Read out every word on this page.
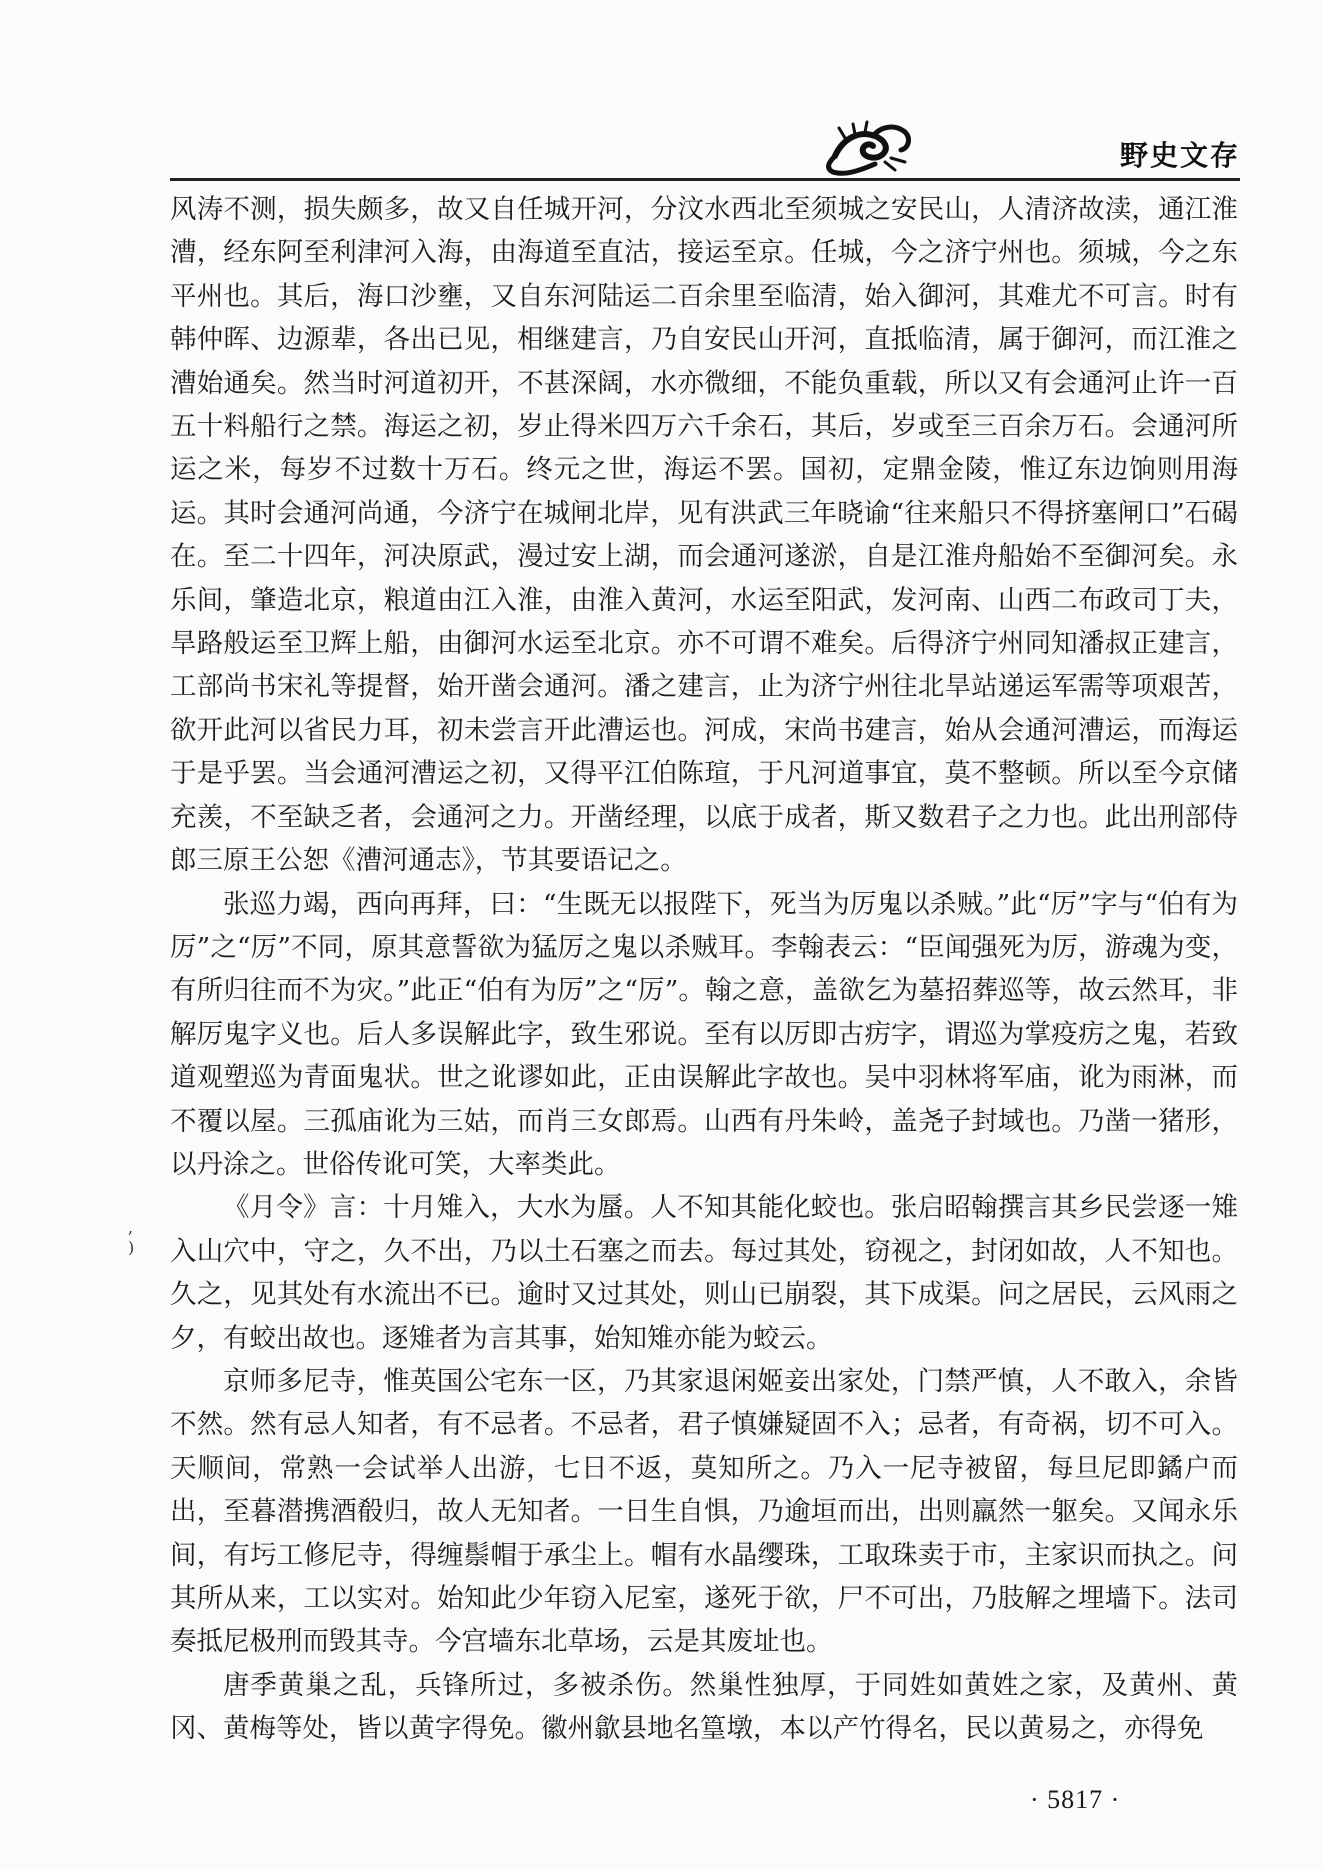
野史文存

风涛不测，损失颇多，故又自任城开河，分汶水西北至须城之安民山，人清济故渎，通江淮漕，经东阿至利津河入海，由海道至直沽，接运至京。任城，今之济宁州也。须城，今之东平州也。其后，海口沙壅，又自东河陆运二百余里至临清，始入御河，其难尤不可言。时有韩仲晖、边源辈，各出已见，相继建言，乃自安民山开河，直抵临清，属于御河，而江淮之漕始通矣。然当时河道初开，不甚深阔，水亦微细，不能负重载，所以又有会通河止许一百五十料船行之禁。海运之初，岁止得米四万六千余石，其后，岁或至三百余万石。会通河所运之米，每岁不过数十万石。终元之世，海运不罢。国初，定鼎金陵，惟辽东边饷则用海运。其时会通河尚通，今济宁在城闸北岸，见有洪武三年晓谕“往来船只不得挤塞闸口”石碣在。至二十四年，河决原武，漫过安上湖，而会通河遂淤，自是江淮舟船始不至御河矣。永乐间，肇造北京，粮道由江入淮，由淮入黄河，水运至阳武，发河南、山西二布政司丁夫，旱路般运至卫辉上船，由御河水运至北京。亦不可谓不难矣。后得济宁州同知潘叔正建言，工部尚书宋礼等提督，始开凿会通河。潘之建言，止为济宁州往北旱站递运军需等项艰苦，欲开此河以省民力耳，初未尝言开此漕运也。河成，宋尚书建言，始从会通河漕运，而海运于是乎罢。当会通河漕运之初，又得平江伯陈瑄，于凡河道事宜，莫不整顿。所以至今京储充羡，不至缺乏者，会通河之力。开凿经理，以底于成者，斯又数君子之力也。此出刑部侍郎三原王公恕《漕河通志》，节其要语记之。

张巡力竭，西向再拜，曰：“生既无以报陛下，死当为厉鬼以杀贼。”此“厉”字与“伯有为厉”之“厉”不同，原其意誓欲为猛厉之鬼以杀贼耳。李翰表云：“臣闻强死为厉，游魂为变，有所归往而不为灾。”此正“伯有为厉”之“厉”。翰之意，盖欲乞为墓招葬巡等，故云然耳，非解厉鬼字义也。后人多误解此字，致生邪说。至有以厉即古疠字，谓巡为掌疫疠之鬼，若致道观塑巡为青面鬼状。世之讹谬如此，正由误解此字故也。吴中羽林将军庙，讹为雨淋，而不覆以屋。三孤庙讹为三姑，而肖三女郎焉。山西有丹朱岭，盖尧子封域也。乃凿一猪形，以丹涂之。世俗传讹可笑，大率类此。

《月令》言：十月雉入，大水为蜃。人不知其能化蛟也。张启昭翰撰言其乡民尝逐一雉入山穴中，守之，久不出，乃以土石塞之而去。每过其处，窃视之，封闭如故，人不知也。久之，见其处有水流出不已。逾时又过其处，则山已崩裂，其下成渠。问之居民，云风雨之夕，有蛟出故也。逐雉者为言其事，始知雉亦能为蛟云。

京师多尼寺，惟英国公宅东一区，乃其家退闲姬妾出家处，门禁严慎，人不敢入，余皆不然。然有忌人知者，有不忌者。不忌者，君子慎嫌疑固不入；忌者，有奇祸，切不可入。天顺间，常熟一会试举人出游，七日不返，莫知所之。乃入一尼寺被留，每旦尼即鐍户而出，至暮潜携酒殽归，故人无知者。一日生自惧，乃逾垣而出，出则羸然一躯矣。又闻永乐间，有圬工修尼寺，得缠鬃帽于承尘上。帽有水晶缨珠，工取珠卖于市，主家识而执之。问其所从来，工以实对。始知此少年窃入尼室，遂死于欲，尸不可出，乃肢解之埋墙下。法司奏抵尼极刑而毁其寺。今宫墙东北草场，云是其废址也。

唐季黄巢之乱，兵锋所过，多被杀伤。然巢性独厚，于同姓如黄姓之家，及黄州、黄冈、黄梅等处，皆以黄字得免。徽州歙县地名篁墩，本以产竹得名，民以黄易之，亦得免

,
)
· 5817 ·
